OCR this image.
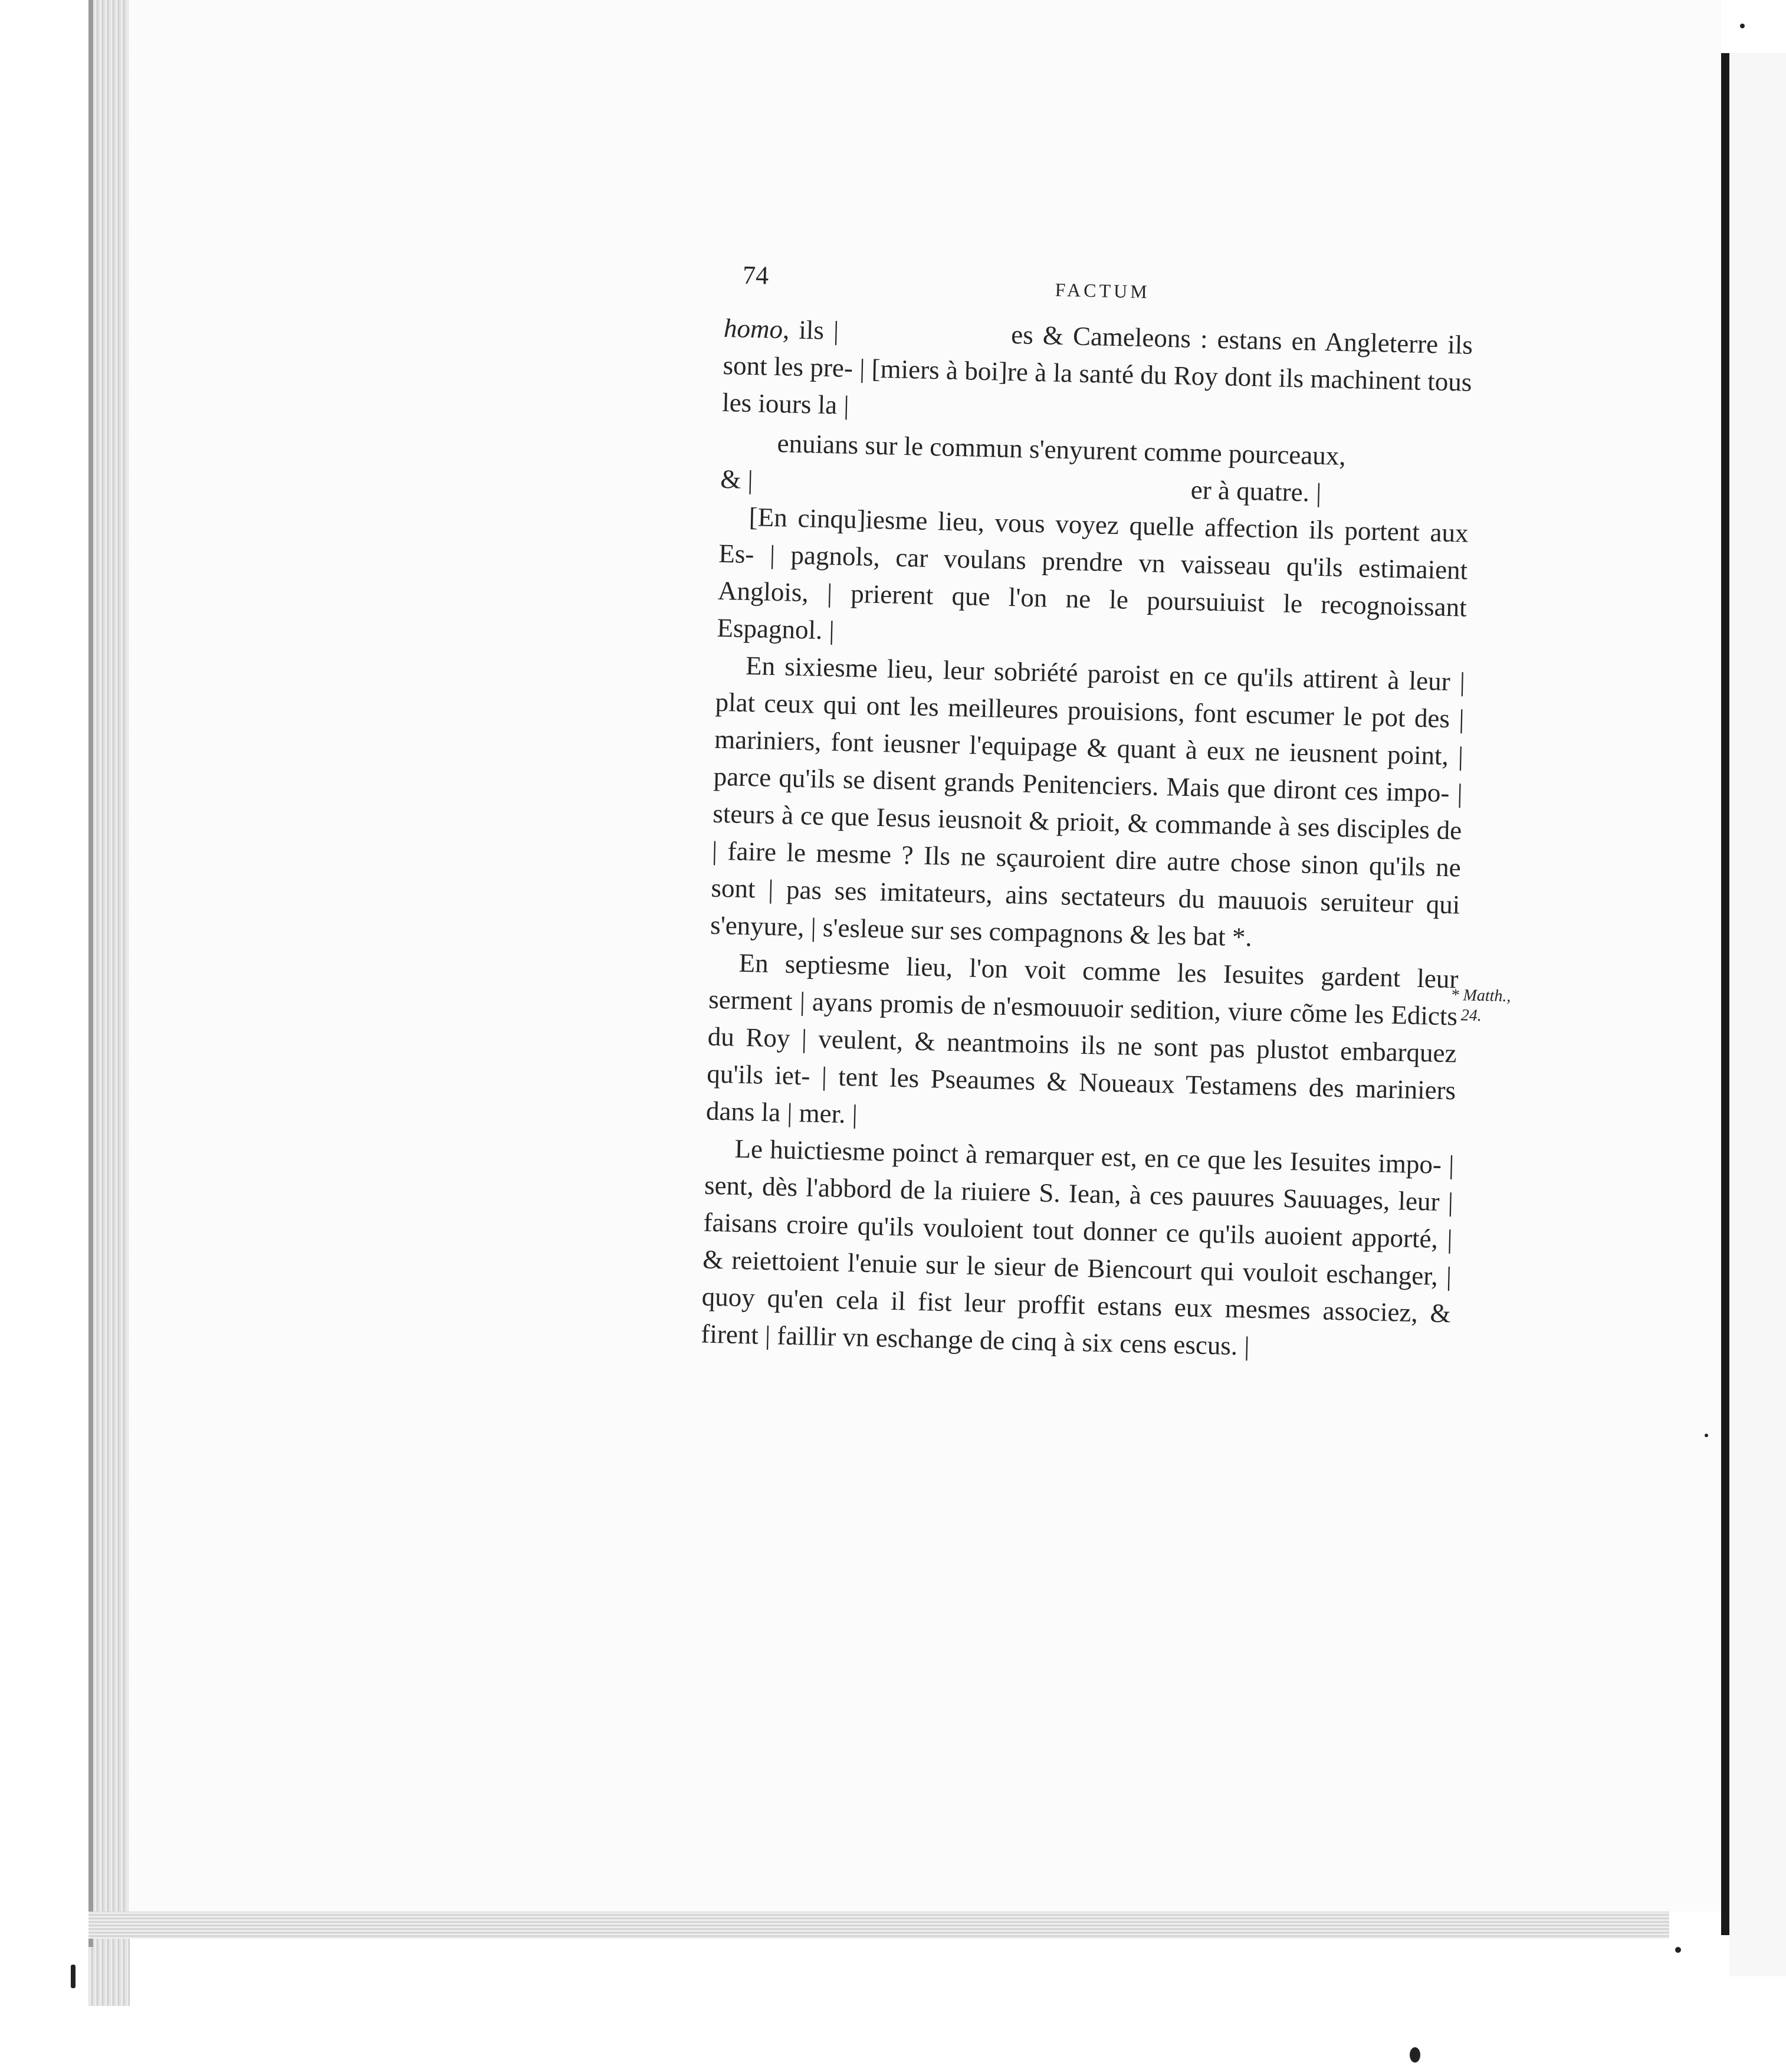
74
FACTUM

homo, ils |	es & Cameleons : estans en Angleterre ils sont les pre- | [miers à boi]re à la santé du Roy dont ils machinent tous les iours la |

enuians sur le commun s'enyurent comme pourceaux,
& |	er à quatre. |

[En cinqu]iesme lieu, vous voyez quelle affection ils portent aux Es- | pagnols, car voulans prendre vn vaisseau qu'ils estimaient Anglois, | prierent que l'on ne le poursuiuist le recognoissant Espagnol. |

En sixiesme lieu, leur sobriété paroist en ce qu'ils attirent à leur | plat ceux qui ont les meilleures prouisions, font escumer le pot des | mariniers, font ieusner l'equipage & quant à eux ne ieusnent point, | parce qu'ils se disent grands Penitenciers. Mais que diront ces impo- | steurs à ce que Iesus ieusnoit & prioit, & commande à ses disciples de | faire le mesme ? Ils ne sçauroient dire autre chose sinon qu'ils ne sont | pas ses imitateurs, ains sectateurs du mauuois seruiteur qui s'enyure, | s'esleue sur ses compagnons & les bat *.

En septiesme lieu, l'on voit comme les Iesuites gardent leur serment | ayans promis de n'esmouuoir sedition, viure cõme les Edicts du Roy | veulent, & neantmoins ils ne sont pas plustot embarquez qu'ils iet- | tent les Pseaumes & Noueaux Testamens des mariniers dans la | mer. |

Le huictiesme poinct à remarquer est, en ce que les Iesuites impo- | sent, dès l'abbord de la riuiere S. Iean, à ces pauures Sauuages, leur | faisans croire qu'ils vouloient tout donner ce qu'ils auoient apporté, | & reiettoient l'enuie sur le sieur de Biencourt qui vouloit eschanger, | quoy qu'en cela il fist leur proffit estans eux mesmes associez, & firent | faillir vn eschange de cinq à six cens escus. |

* Matth.,
24.
